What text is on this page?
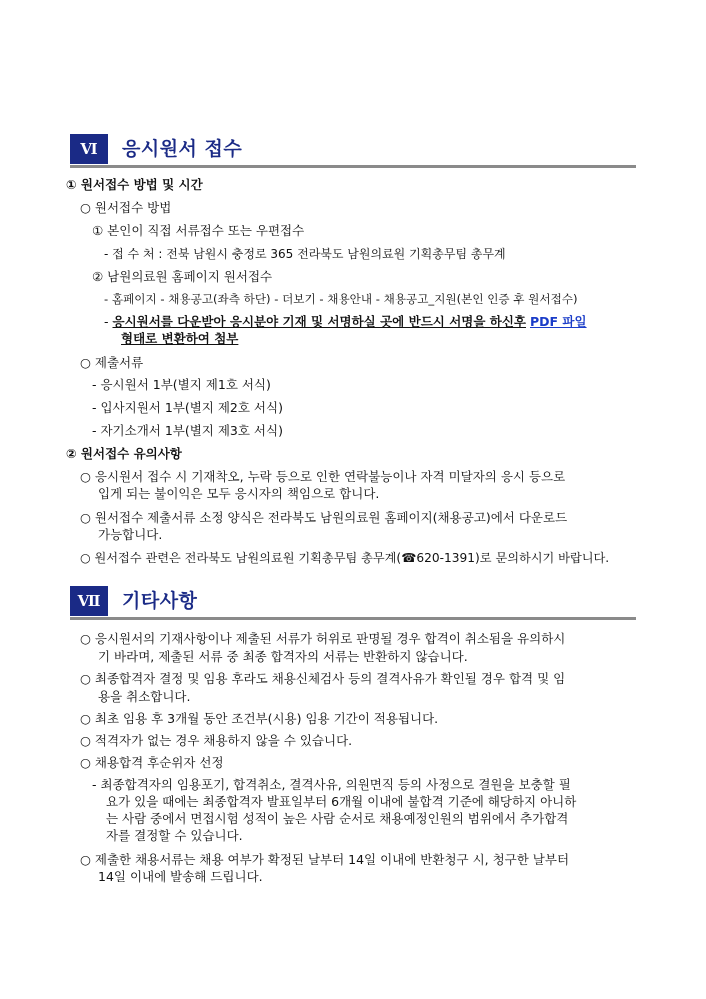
Ⅵ	응시원서 접수
① 원서접수 방법 및 시간
○ 원서접수 방법
① 본인이 직접 서류접수 또는 우편접수
- 접 수 처 : 전북 남원시 충정로 365 전라북도 남원의료원 기획총무팀 총무계
② 남원의료원 홈페이지 원서접수
- 홈페이지 - 채용공고(좌측 하단) - 더보기 - 채용안내 - 채용공고_지원(본인 인증 후 원서접수)
- 응시원서를 다운받아 응시분야 기재 및 서명하실 곳에 반드시 서명을 하신후 PDF 파일
형태로 변환하여 첨부
○ 제출서류
- 응시원서 1부(별지 제1호 서식)
- 입사지원서 1부(별지 제2호 서식)
- 자기소개서 1부(별지 제3호 서식)
② 원서접수 유의사항
○ 응시원서 접수 시 기재착오, 누락 등으로 인한 연락불능이나 자격 미달자의 응시 등으로
입게 되는 불이익은 모두 응시자의 책임으로 합니다.
○ 원서접수 제출서류 소정 양식은 전라북도 남원의료원 홈페이지(채용공고)에서 다운로드
가능합니다.
○ 원서접수 관련은 전라북도 남원의료원 기획총무팀 총무계(☎620-1391)로 문의하시기 바랍니다.
Ⅶ	기타사항
○ 응시원서의 기재사항이나 제출된 서류가 허위로 판명될 경우 합격이 취소됨을 유의하시
기 바라며, 제출된 서류 중 최종 합격자의 서류는 반환하지 않습니다.
○ 최종합격자 결정 및 임용 후라도 채용신체검사 등의 결격사유가 확인될 경우 합격 및 임
용을 취소합니다.
○ 최초 임용 후 3개월 동안 조건부(시용) 임용 기간이 적용됩니다.
○ 적격자가 없는 경우 채용하지 않을 수 있습니다.
○ 채용합격 후순위자 선정
- 최종합격자의 임용포기, 합격취소, 결격사유, 의원면직 등의 사정으로 결원을 보충할 필
요가 있을 때에는 최종합격자 발표일부터 6개월 이내에 불합격 기준에 해당하지 아니하
는 사람 중에서 면접시험 성적이 높은 사람 순서로 채용예정인원의 범위에서 추가합격
자를 결정할 수 있습니다.
○ 제출한 채용서류는 채용 여부가 확정된 날부터 14일 이내에 반환청구 시, 청구한 날부터
14일 이내에 발송해 드립니다.
